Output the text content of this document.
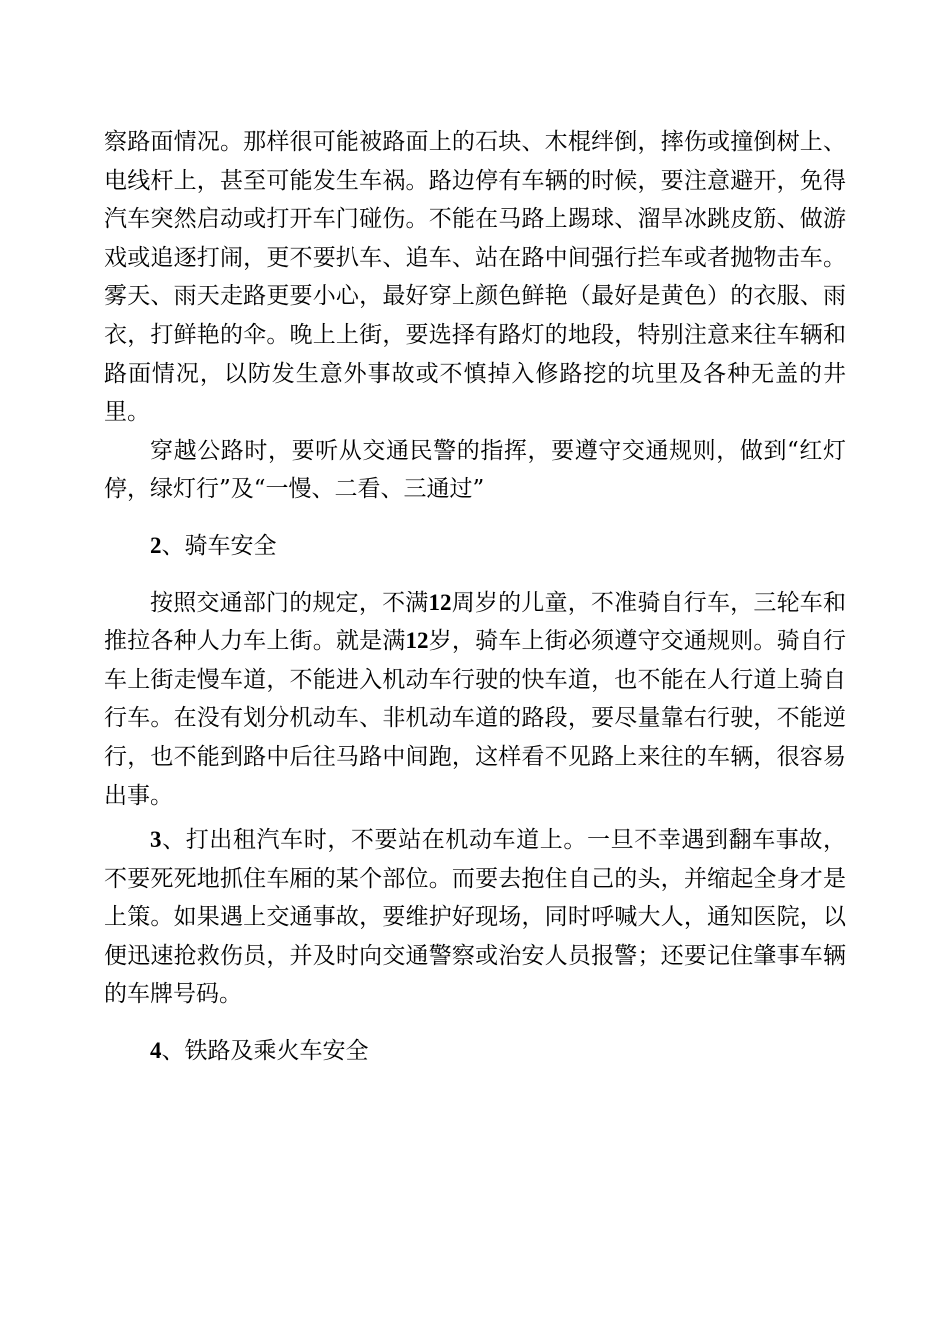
察路面情况。那样很可能被路面上的石块、木棍绊倒，摔伤或撞倒树上、电线杆上，甚至可能发生车祸。路边停有车辆的时候，要注意避开，免得汽车突然启动或打开车门碰伤。不能在马路上踢球、溜旱冰跳皮筋、做游戏或追逐打闹，更不要扒车、追车、站在路中间强行拦车或者抛物击车。雾天、雨天走路更要小心，最好穿上颜色鲜艳（最好是黄色）的衣服、雨衣，打鲜艳的伞。晚上上街，要选择有路灯的地段，特别注意来往车辆和路面情况，以防发生意外事故或不慎掉入修路挖的坑里及各种无盖的井里。

穿越公路时，要听从交通民警的指挥，要遵守交通规则，做到“红灯停，绿灯行”及“一慢、二看、三通过”

2、骑车安全

按照交通部门的规定，不满12周岁的儿童，不准骑自行车，三轮车和推拉各种人力车上街。就是满12岁，骑车上街必须遵守交通规则。骑自行车上街走慢车道，不能进入机动车行驶的快车道，也不能在人行道上骑自行车。在没有划分机动车、非机动车道的路段，要尽量靠右行驶，不能逆行，也不能到路中后往马路中间跑，这样看不见路上来往的车辆，很容易出事。

3、打出租汽车时，不要站在机动车道上。一旦不幸遇到翻车事故，不要死死地抓住车厢的某个部位。而要去抱住自己的头，并缩起全身才是上策。如果遇上交通事故，要维护好现场，同时呼喊大人，通知医院，以便迅速抢救伤员，并及时向交通警察或治安人员报警；还要记住肇事车辆的车牌号码。

4、铁路及乘火车安全
